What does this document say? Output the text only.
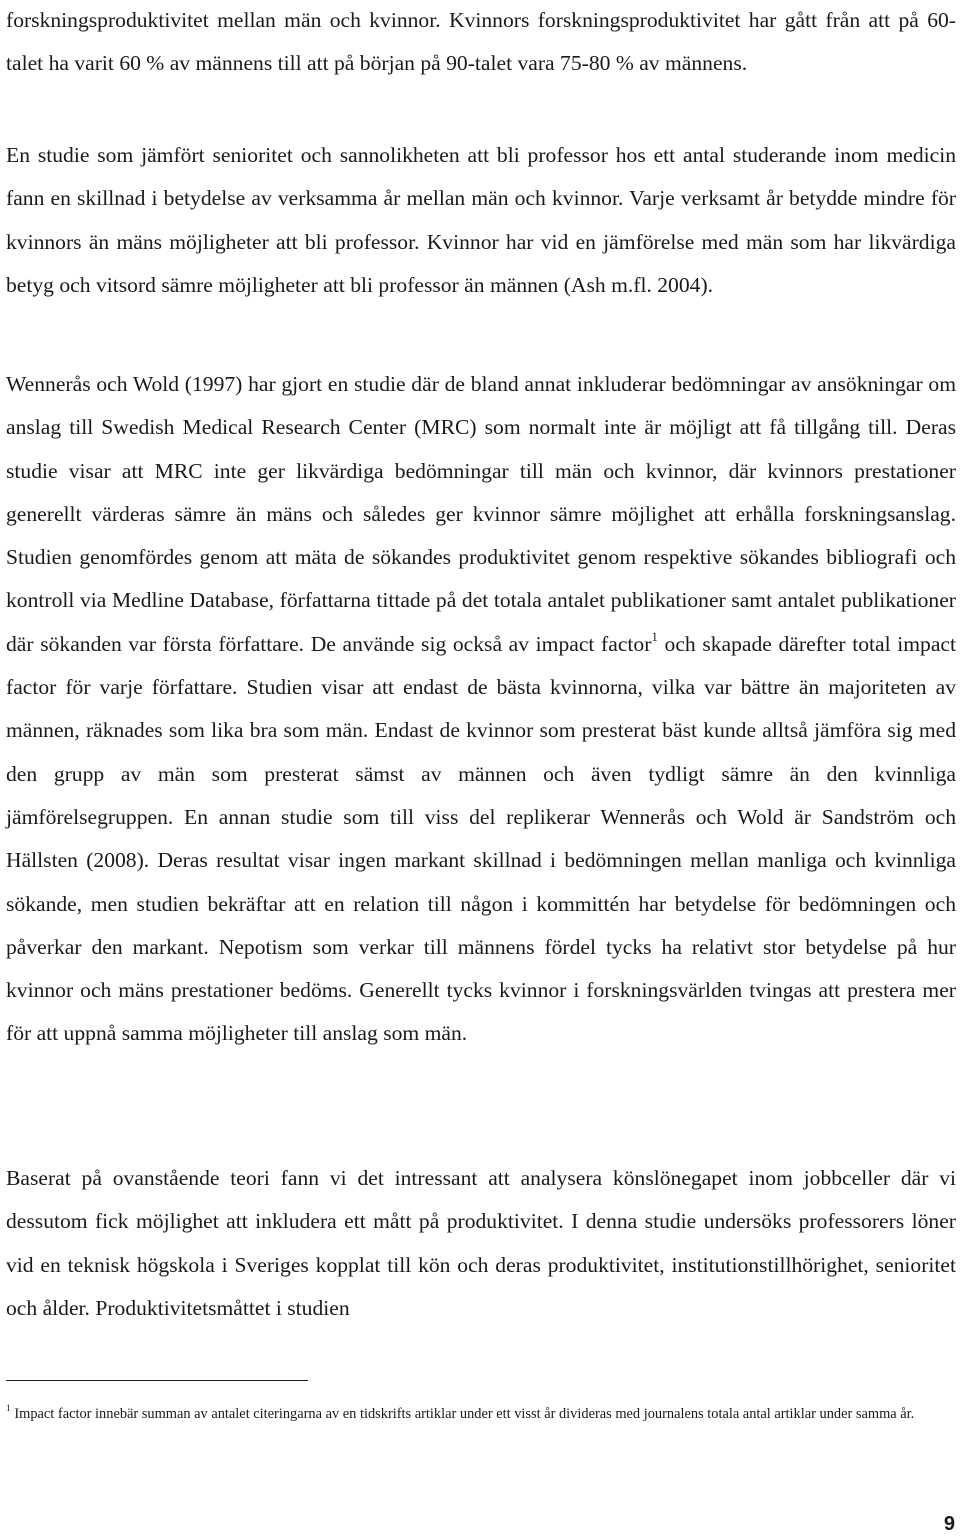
forskningsproduktivitet mellan män och kvinnor. Kvinnors forskningsproduktivitet har gått från att på 60-talet ha varit 60 % av männens till att på början på 90-talet vara 75-80 % av männens.

En studie som jämfört senioritet och sannolikheten att bli professor hos ett antal studerande inom medicin fann en skillnad i betydelse av verksamma år mellan män och kvinnor. Varje verksamt år betydde mindre för kvinnors än mäns möjligheter att bli professor. Kvinnor har vid en jämförelse med män som har likvärdiga betyg och vitsord sämre möjligheter att bli professor än männen (Ash m.fl. 2004).

Wennerås och Wold (1997) har gjort en studie där de bland annat inkluderar bedömningar av ansökningar om anslag till Swedish Medical Research Center (MRC) som normalt inte är möjligt att få tillgång till. Deras studie visar att MRC inte ger likvärdiga bedömningar till män och kvinnor, där kvinnors prestationer generellt värderas sämre än mäns och således ger kvinnor sämre möjlighet att erhålla forskningsanslag. Studien genomfördes genom att mäta de sökandes produktivitet genom respektive sökandes bibliografi och kontroll via Medline Database, författarna tittade på det totala antalet publikationer samt antalet publikationer där sökanden var första författare. De använde sig också av impact factor$^1$ och skapade därefter total impact factor för varje författare. Studien visar att endast de bästa kvinnorna, vilka var bättre än majoriteten av männen, räknades som lika bra som män. Endast de kvinnor som presterat bäst kunde alltså jämföra sig med den grupp av män som presterat sämst av männen och även tydligt sämre än den kvinnliga jämförelsegruppen. En annan studie som till viss del replikerar Wennerås och Wold är Sandström och Hällsten (2008). Deras resultat visar ingen markant skillnad i bedömningen mellan manliga och kvinnliga sökande, men studien bekräftar att en relation till någon i kommittén har betydelse för bedömningen och påverkar den markant. Nepotism som verkar till männens fördel tycks ha relativt stor betydelse på hur kvinnor och mäns prestationer bedöms. Generellt tycks kvinnor i forskningsvärlden tvingas att prestera mer för att uppnå samma möjligheter till anslag som män.

Baserat på ovanstående teori fann vi det intressant att analysera könslönegapet inom jobbceller där vi dessutom fick möjlighet att inkludera ett mått på produktivitet. I denna studie undersöks professorers löner vid en teknisk högskola i Sveriges kopplat till kön och deras produktivitet, institutionstillhörighet, senioritet och ålder. Produktivitetsmåttet i studien

$^1$ Impact factor innebär summan av antalet citeringarna av en tidskrifts artiklar under ett visst år divideras med journalens totala antal artiklar under samma år.

9
